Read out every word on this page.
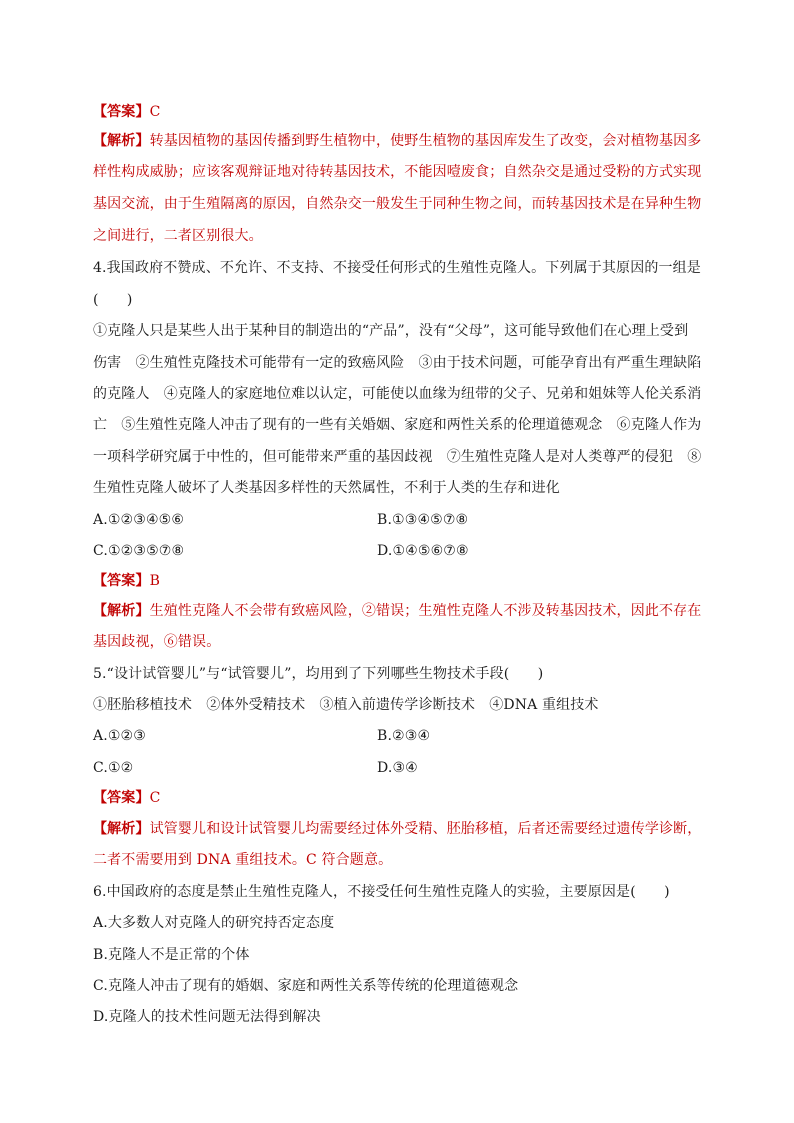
【答案】C
【解析】转基因植物的基因传播到野生植物中，使野生植物的基因库发生了改变，会对植物基因多
样性构成威胁；应该客观辩证地对待转基因技术，不能因噎废食；自然杂交是通过受粉的方式实现
基因交流，由于生殖隔离的原因，自然杂交一般发生于同种生物之间，而转基因技术是在异种生物
之间进行，二者区别很大。
4.我国政府不赞成、不允许、不支持、不接受任何形式的生殖性克隆人。下列属于其原因的一组是
(　　)
①克隆人只是某些人出于某种目的制造出的“产品”，没有“父母”，这可能导致他们在心理上受到
伤害　②生殖性克隆技术可能带有一定的致癌风险　③由于技术问题，可能孕育出有严重生理缺陷
的克隆人　④克隆人的家庭地位难以认定，可能使以血缘为纽带的父子、兄弟和姐妹等人伦关系消
亡　⑤生殖性克隆人冲击了现有的一些有关婚姻、家庭和两性关系的伦理道德观念　⑥克隆人作为
一项科学研究属于中性的，但可能带来严重的基因歧视　⑦生殖性克隆人是对人类尊严的侵犯　⑧
生殖性克隆人破坏了人类基因多样性的天然属性，不利于人类的生存和进化
A.①②③④⑤⑥	B.①③④⑤⑦⑧
C.①②③⑤⑦⑧	D.①④⑤⑥⑦⑧
【答案】B
【解析】生殖性克隆人不会带有致癌风险，②错误；生殖性克隆人不涉及转基因技术，因此不存在
基因歧视，⑥错误。
5.“设计试管婴儿”与“试管婴儿”，均用到了下列哪些生物技术手段(　　)
①胚胎移植技术　②体外受精技术　③植入前遗传学诊断技术　④DNA 重组技术
A.①②③	B.②③④
C.①②	D.③④
【答案】C
【解析】试管婴儿和设计试管婴儿均需要经过体外受精、胚胎移植，后者还需要经过遗传学诊断，
二者不需要用到 DNA 重组技术。C 符合题意。
6.中国政府的态度是禁止生殖性克隆人，不接受任何生殖性克隆人的实验，主要原因是(　　)
A.大多数人对克隆人的研究持否定态度
B.克隆人不是正常的个体
C.克隆人冲击了现有的婚姻、家庭和两性关系等传统的伦理道德观念
D.克隆人的技术性问题无法得到解决
